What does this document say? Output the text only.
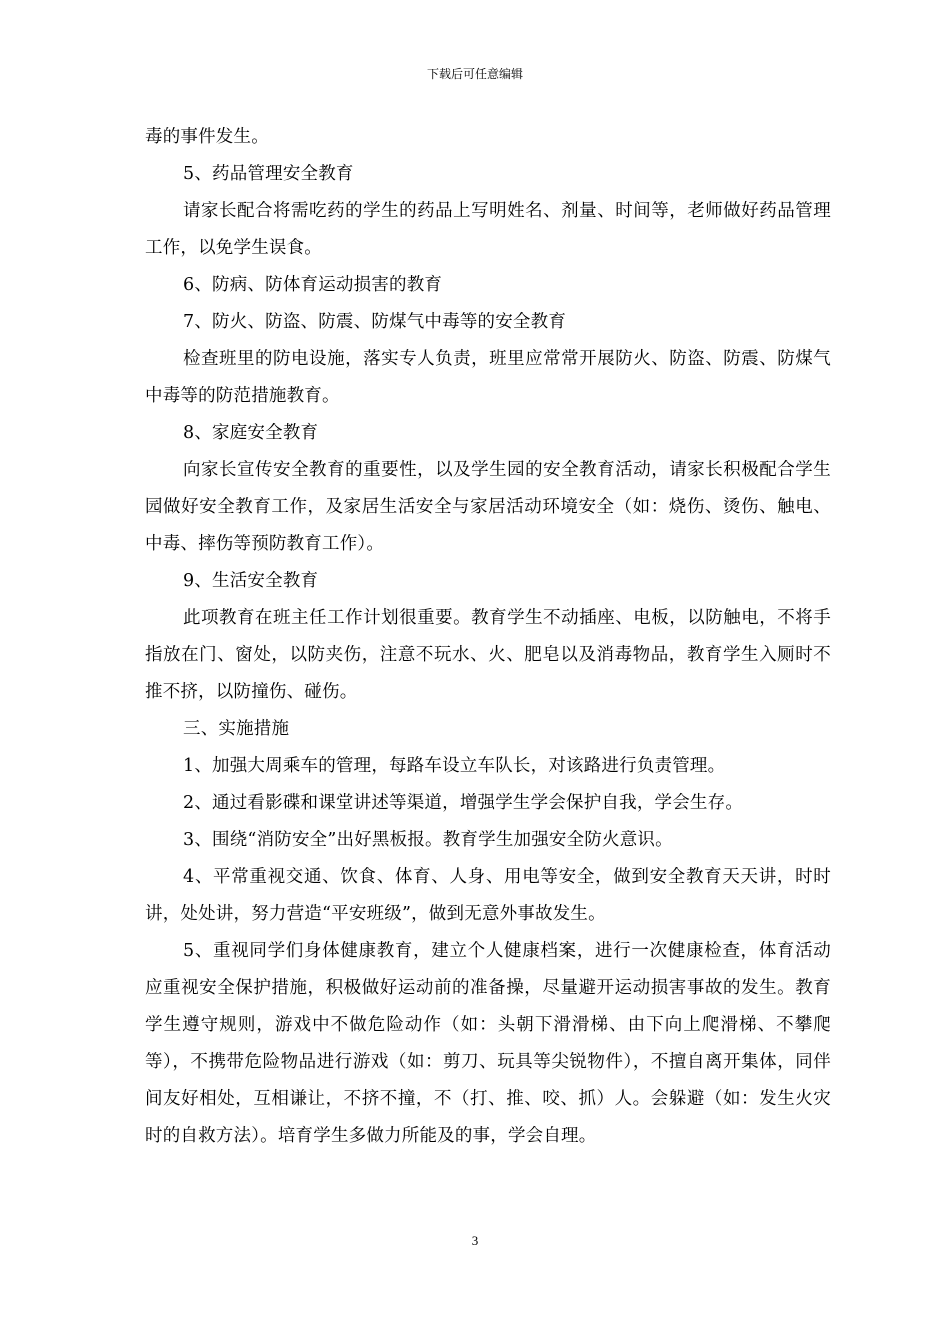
下载后可任意编辑

毒的事件发生。

5、药品管理安全教育

请家长配合将需吃药的学生的药品上写明姓名、剂量、时间等，老师做好药品管理工作，以免学生误食。

6、防病、防体育运动损害的教育

7、防火、防盗、防震、防煤气中毒等的安全教育

检查班里的防电设施，落实专人负责，班里应常常开展防火、防盗、防震、防煤气中毒等的防范措施教育。

8、家庭安全教育

向家长宣传安全教育的重要性，以及学生园的安全教育活动，请家长积极配合学生园做好安全教育工作，及家居生活安全与家居活动环境安全（如：烧伤、烫伤、触电、中毒、摔伤等预防教育工作）。

9、生活安全教育

此项教育在班主任工作计划很重要。教育学生不动插座、电板，以防触电，不将手指放在门、窗处，以防夹伤，注意不玩水、火、肥皂以及消毒物品，教育学生入厕时不推不挤，以防撞伤、碰伤。

三、实施措施

1、加强大周乘车的管理，每路车设立车队长，对该路进行负责管理。

2、通过看影碟和课堂讲述等渠道，增强学生学会保护自我，学会生存。

3、围绕“消防安全”出好黑板报。教育学生加强安全防火意识。

4、平常重视交通、饮食、体育、人身、用电等安全，做到安全教育天天讲，时时讲，处处讲，努力营造“平安班级”，做到无意外事故发生。

5、重视同学们身体健康教育，建立个人健康档案，进行一次健康检查，体育活动应重视安全保护措施，积极做好运动前的准备操，尽量避开运动损害事故的发生。教育学生遵守规则，游戏中不做危险动作（如：头朝下滑滑梯、由下向上爬滑梯、不攀爬等），不携带危险物品进行游戏（如：剪刀、玩具等尖锐物件），不擅自离开集体，同伴间友好相处，互相谦让，不挤不撞，不（打、推、咬、抓）人。会躲避（如：发生火灾时的自救方法）。培育学生多做力所能及的事，学会自理。

3
